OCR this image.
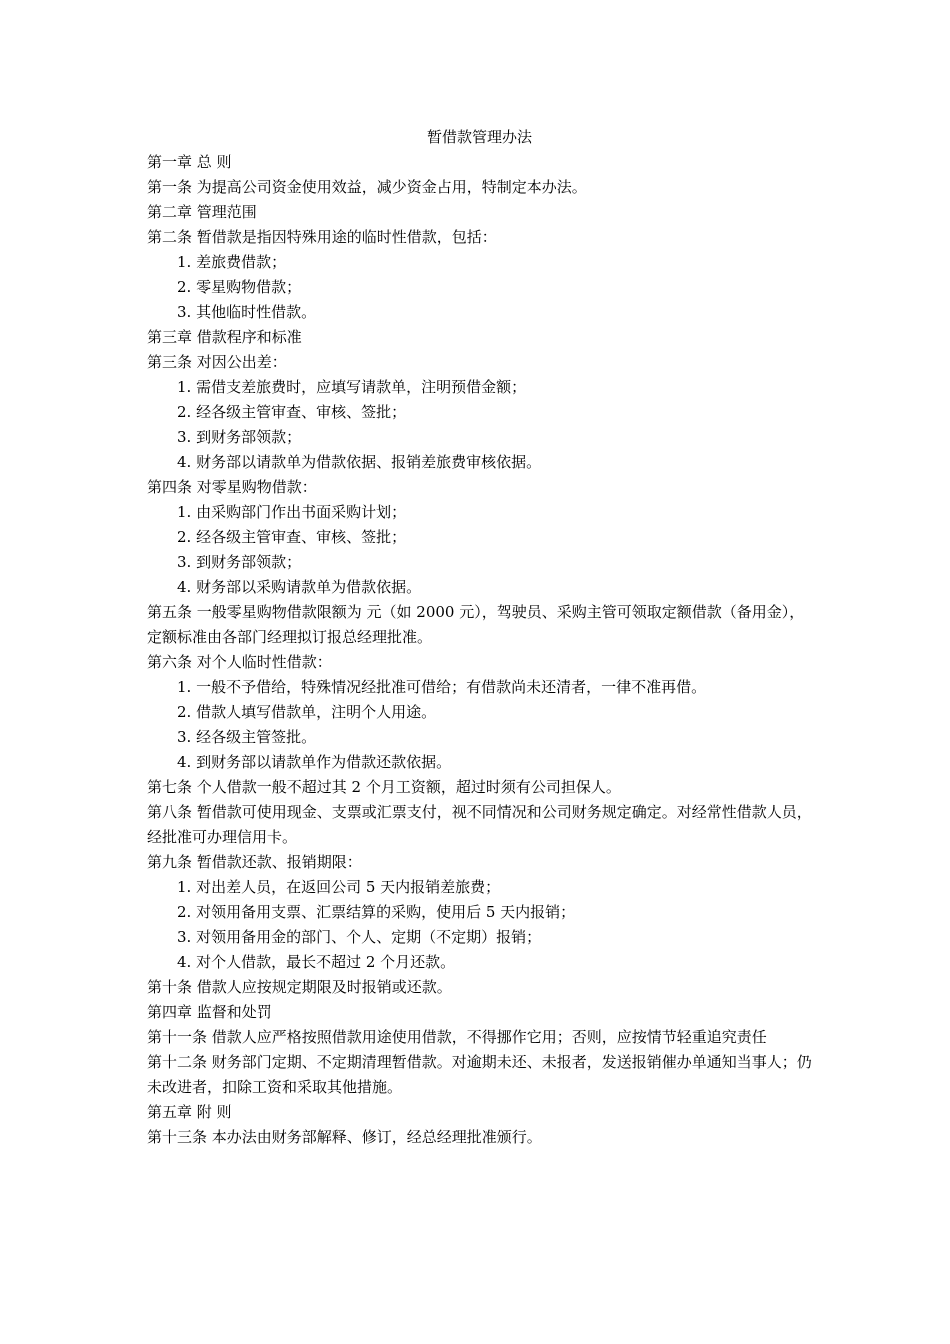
暂借款管理办法

第一章 总 则

第一条 为提高公司资金使用效益，减少资金占用，特制定本办法。

第二章 管理范围

第二条 暂借款是指因特殊用途的临时性借款，包括：

1. 差旅费借款；

2. 零星购物借款；

3. 其他临时性借款。

第三章 借款程序和标准

第三条 对因公出差：

1. 需借支差旅费时，应填写请款单，注明预借金额；

2. 经各级主管审查、审核、签批；

3. 到财务部领款；

4. 财务部以请款单为借款依据、报销差旅费审核依据。

第四条 对零星购物借款：

1. 由采购部门作出书面采购计划；

2. 经各级主管审查、审核、签批；

3. 到财务部领款；

4. 财务部以采购请款单为借款依据。

第五条 一般零星购物借款限额为 元（如 2000 元），驾驶员、采购主管可领取定额借款（备用金），定额标准由各部门经理拟订报总经理批准。

第六条 对个人临时性借款：

1. 一般不予借给，特殊情况经批准可借给；有借款尚未还清者，一律不准再借。

2. 借款人填写借款单，注明个人用途。

3. 经各级主管签批。

4. 到财务部以请款单作为借款还款依据。

第七条 个人借款一般不超过其 2 个月工资额，超过时须有公司担保人。

第八条 暂借款可使用现金、支票或汇票支付，视不同情况和公司财务规定确定。对经常性借款人员，经批准可办理信用卡。

第九条 暂借款还款、报销期限：

1. 对出差人员，在返回公司 5 天内报销差旅费；

2. 对领用备用支票、汇票结算的采购，使用后 5 天内报销；

3. 对领用备用金的部门、个人、定期（不定期）报销；

4. 对个人借款，最长不超过 2 个月还款。

第十条 借款人应按规定期限及时报销或还款。

第四章 监督和处罚

第十一条 借款人应严格按照借款用途使用借款，不得挪作它用；否则，应按情节轻重追究责任

第十二条 财务部门定期、不定期清理暂借款。对逾期未还、未报者，发送报销催办单通知当事人；仍未改进者，扣除工资和采取其他措施。

第五章 附 则

第十三条 本办法由财务部解释、修订，经总经理批准颁行。
